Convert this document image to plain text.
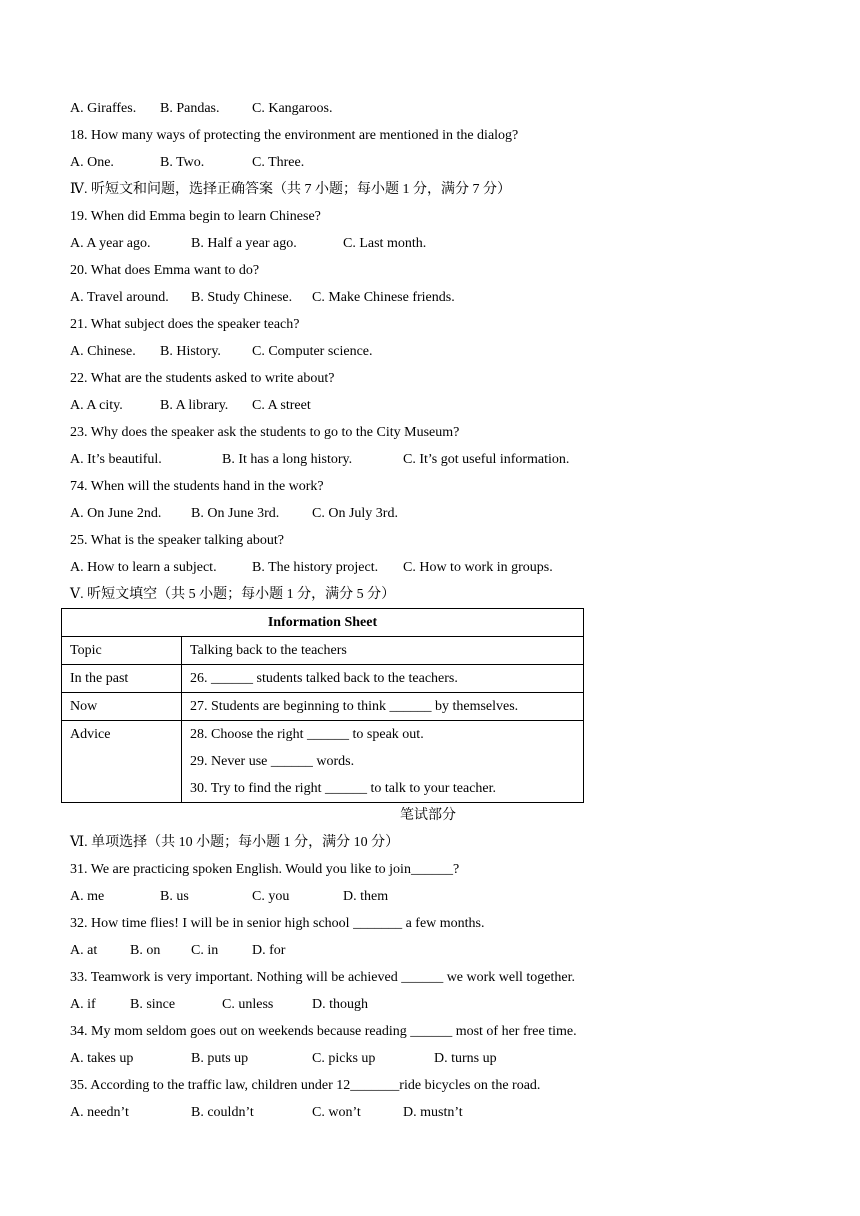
A. Giraffes. B. Pandas. C. Kangaroos.
18. How many ways of protecting the environment are mentioned in the dialog?
A. One.	B. Two.	C. Three.
Ⅳ. 听短文和问题，选择正确答案（共 7 小题；每小题 1 分，满分 7 分）
19. When did Emma begin to learn Chinese?
A. A year ago.	B. Half a year ago.	C. Last month.
20. What does Emma want to do?
A. Travel around. B. Study Chinese. C. Make Chinese friends.
21. What subject does the speaker teach?
A. Chinese. B. History. C. Computer science.
22. What are the students asked to write about?
A. A city.	B. A library. C. A street
23. Why does the speaker ask the students to go to the City Museum?
A. It’s beautiful.	B. It has a long history.	C. It’s got useful information.
74. When will the students hand in the work?
A. On June 2nd. B. On June 3rd. C. On July 3rd.
25. What is the speaker talking about?
A. How to learn a subject.	B. The history project. C. How to work in groups.
Ⅴ. 听短文填空（共 5 小题；每小题 1 分，满分 5 分）
Ⅵ. 单项选择（共 10 小题；每小题 1 分，满分 10 分）
31. We are practicing spoken English. Would you like to join______?
A. me	B. us	C. you	D. them
32. How time flies! I will be in senior high school _______ a few months.
A. at B. on C. in D. for
33. Teamwork is very important. Nothing will be achieved ______ we work well together.
A. if B. since	C. unless	D. though
34. My mom seldom goes out on weekends because reading ______ most of her free time.
A. takes up	B. puts up	C. picks up	D. turns up
35. According to the traffic law, children under 12_______ride bicycles on the road.
A. needn’t	B. couldn’t	C. won’t	D. mustn’t
Information Sheet	
Topic	Talking back to the teachers

In the past	26. ______ students talked back to the teachers.

Now	27. Students are beginning to think ______ by themselves.

Advice	28. Choose the right ______ to speak out.
29. Never use ______ words.
30. Try to find the right ______ to talk to your teacher.
笔试部分
